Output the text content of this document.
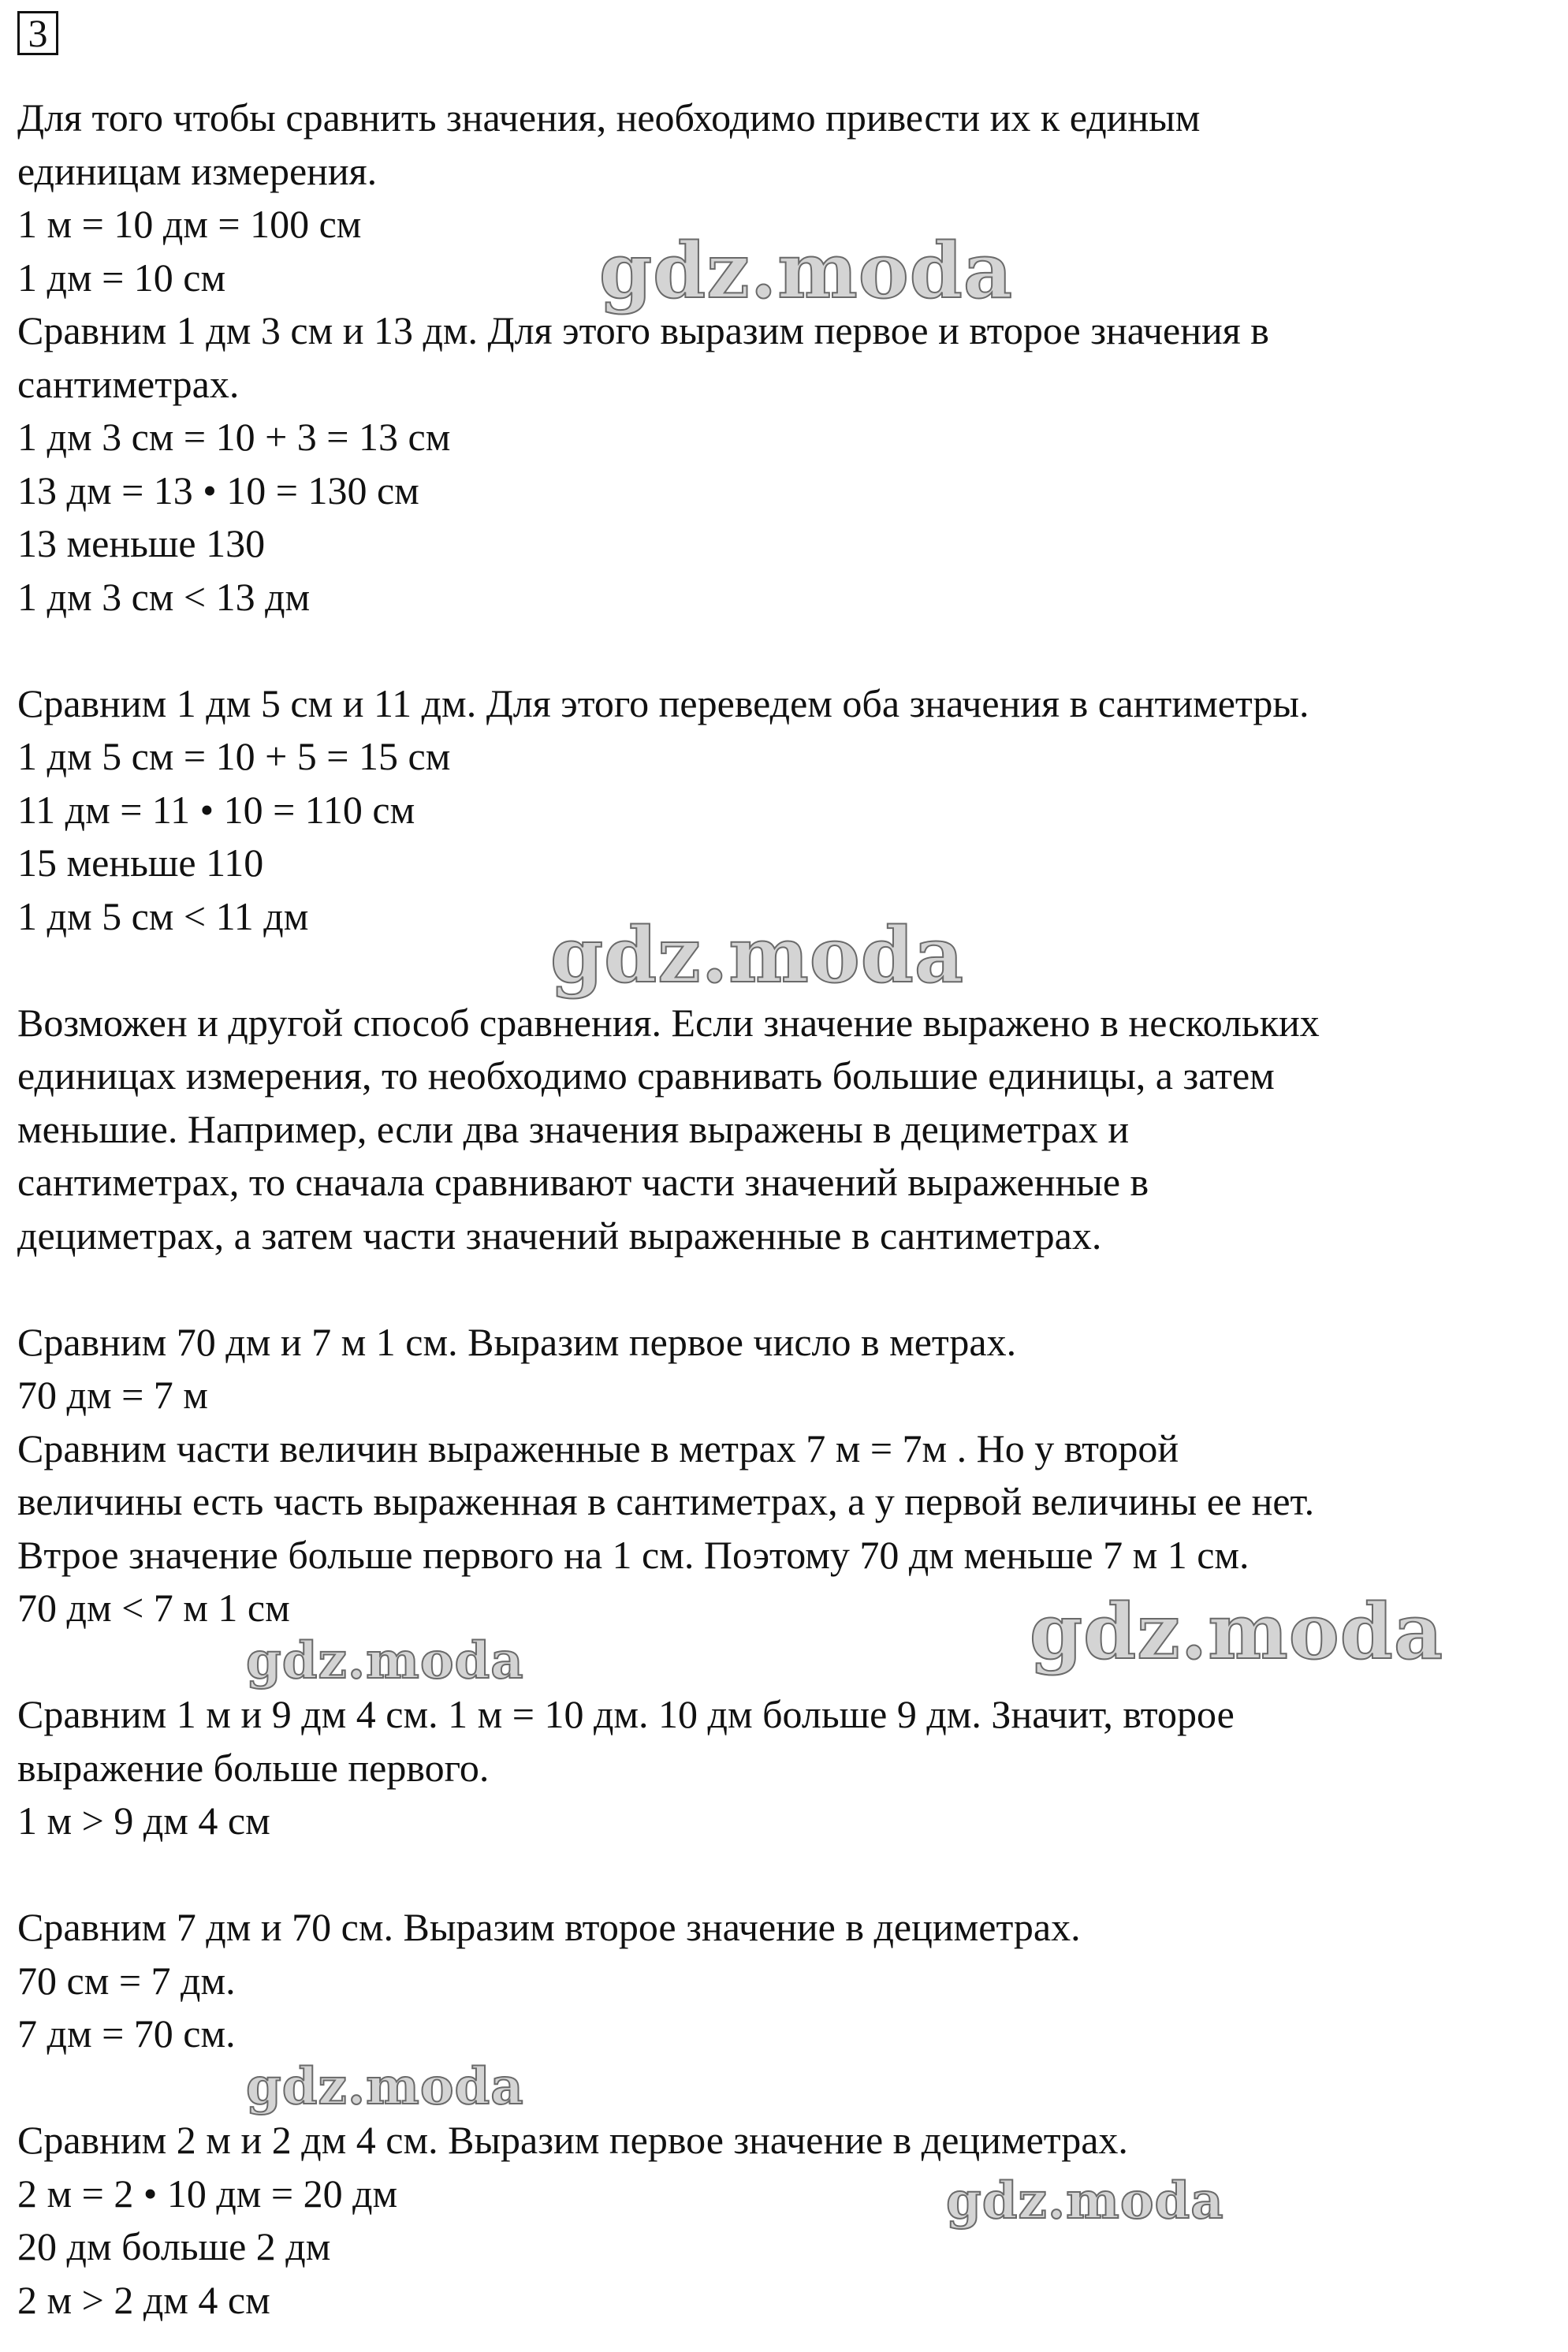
3
Для того чтобы сравнить значения, необходимо привести их к единым
единицам измерения.
1 м = 10 дм = 100 см
1 дм = 10 см
Сравним 1 дм 3 см и 13 дм. Для этого выразим первое и второе значения в
сантиметрах.
1 дм 3 см = 10 + 3 = 13 см
13 дм = 13 • 10 = 130 см
13 меньше 130
1 дм 3 см < 13 дм
Сравним 1 дм 5 см и 11 дм. Для этого переведем оба значения в сантиметры.
1 дм 5 см = 10 + 5 = 15 см
11 дм = 11 • 10 = 110 см
15 меньше 110
1 дм 5 см < 11 дм
Возможен и другой способ сравнения. Если значение выражено в нескольких
единицах измерения, то необходимо сравнивать большие единицы, а затем
меньшие. Например, если два значения выражены в дециметрах и
сантиметрах, то сначала сравнивают части значений выраженные в
дециметрах, а затем части значений выраженные в сантиметрах.
Сравним 70 дм и 7 м 1 см. Выразим первое число в метрах.
70 дм = 7 м
Сравним части величин выраженные в метрах 7 м = 7м . Но у второй
величины есть часть выраженная в сантиметрах, а у первой величины ее нет.
Втрое значение больше первого на 1 см. Поэтому 70 дм меньше 7 м 1 см.
70 дм < 7 м 1 см
Сравним 1 м и 9 дм 4 см. 1 м = 10 дм. 10 дм больше 9 дм. Значит, второе
выражение больше первого.
1 м > 9 дм 4 см
Сравним 7 дм и 70 см. Выразим второе значение в дециметрах.
70 см = 7 дм.
7 дм = 70 см.
Сравним 2 м и 2 дм 4 см. Выразим первое значение в дециметрах.
2 м = 2 • 10 дм = 20 дм
20 дм больше 2 дм
2 м > 2 дм 4 см
gdz.moda
gdz.moda
gdz.moda
gdz.moda
gdz.moda
gdz.moda
